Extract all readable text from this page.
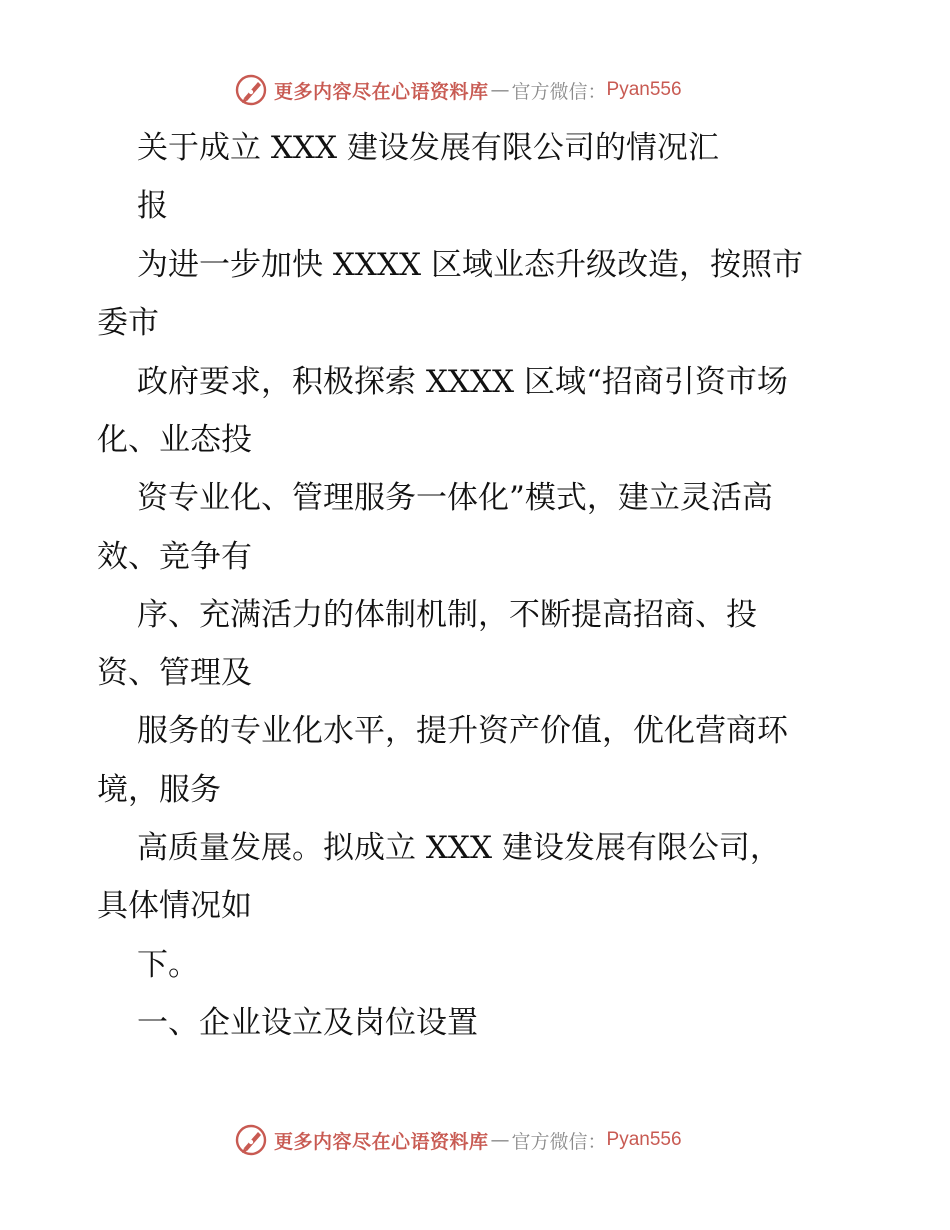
更多内容尽在心语资料库 — 官方微信： Pyan556

关于成立 XXX 建设发展有限公司的情况汇

报

为进一步加快 XXXX 区域业态升级改造，按照市

委市

政府要求，积极探索 XXXX 区域“招商引资市场

化、业态投

资专业化、管理服务一体化”模式，建立灵活高

效、竞争有

序、充满活力的体制机制，不断提高招商、投

资、管理及

服务的专业化水平，提升资产价值，优化营商环

境，服务

高质量发展。拟成立 XXX 建设发展有限公司，

具体情况如

下。

一、企业设立及岗位设置

更多内容尽在心语资料库 — 官方微信： Pyan556
